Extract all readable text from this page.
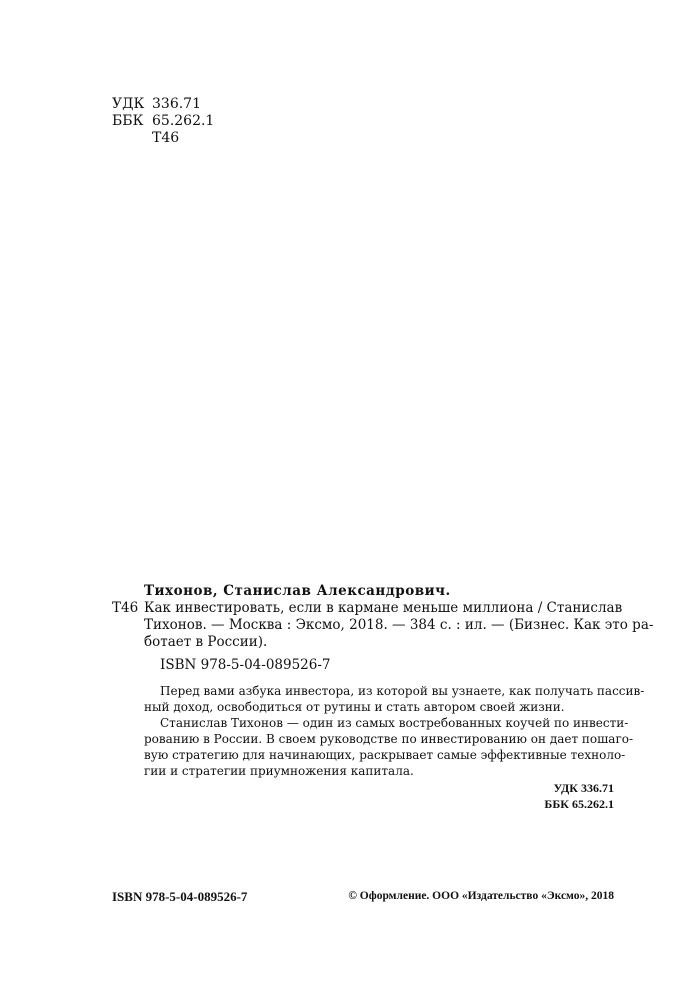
УДК 336.71
ББК 65.262.1
Т46
Тихонов, Станислав Александрович.
Т46 Как инвестировать, если в кармане меньше миллиона / Станислав
Тихонов. — Москва : Эксмо, 2018. — 384 с. : ил. — (Бизнес. Как это ра-
ботает в России).
ISBN 978-5-04-089526-7
Перед вами азбука инвестора, из которой вы узнаете, как получать пассив-
ный доход, освободиться от рутины и стать автором своей жизни.
Станислав Тихонов — один из самых востребованных коучей по инвести-
рованию в России. В своем руководстве по инвестированию он дает пошаго-
вую стратегию для начинающих, раскрывает самые эффективные техноло-
гии и стратегии приумножения капитала.
УДК 336.71
ББК 65.262.1
ISBN 978-5-04-089526-7	© Оформление. ООО «Издательство «Эксмо», 2018
